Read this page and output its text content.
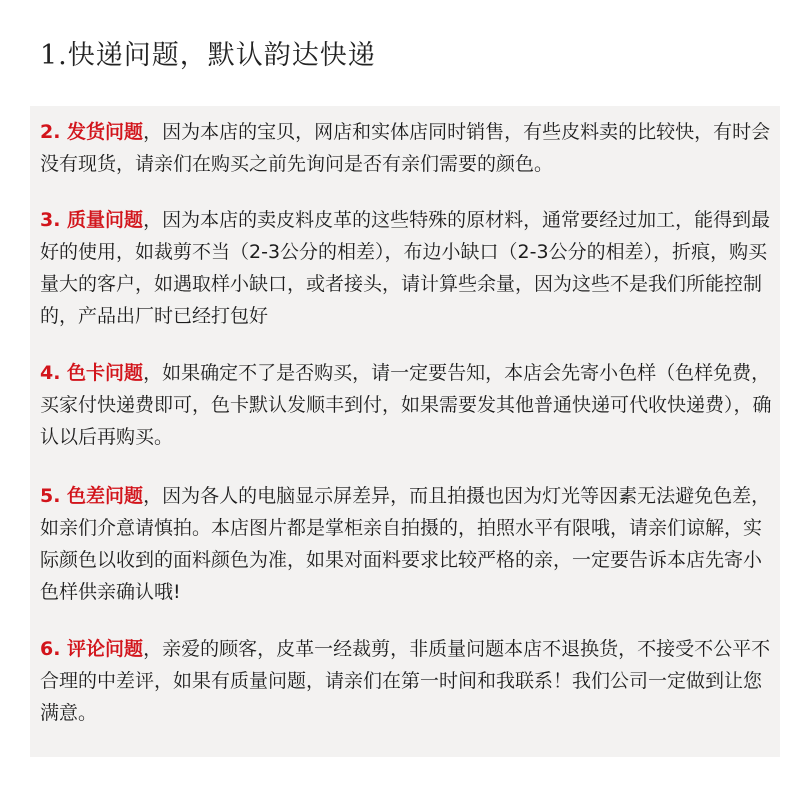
1.快递问题，默认韵达快递
2. 发货问题，因为本店的宝贝，网店和实体店同时销售，有些皮料卖的比较快，有时会没有现货，请亲们在购买之前先询问是否有亲们需要的颜色。
3. 质量问题，因为本店的卖皮料皮革的这些特殊的原材料，通常要经过加工，能得到最好的使用，如裁剪不当（2-3公分的相差），布边小缺口（2-3公分的相差），折痕，购买量大的客户，如遇取样小缺口，或者接头，请计算些余量，因为这些不是我们所能控制的，产品出厂时已经打包好
4. 色卡问题，如果确定不了是否购买，请一定要告知，本店会先寄小色样（色样免费，买家付快递费即可，色卡默认发顺丰到付，如果需要发其他普通快递可代收快递费），确认以后再购买。
5. 色差问题，因为各人的电脑显示屏差异，而且拍摄也因为灯光等因素无法避免色差，如亲们介意请慎拍。本店图片都是掌柜亲自拍摄的，拍照水平有限哦，请亲们谅解，实际颜色以收到的面料颜色为准，如果对面料要求比较严格的亲，一定要告诉本店先寄小色样供亲确认哦!
6. 评论问题，亲爱的顾客，皮革一经裁剪，非质量问题本店不退换货，不接受不公平不合理的中差评，如果有质量问题，请亲们在第一时间和我联系！我们公司一定做到让您满意。
